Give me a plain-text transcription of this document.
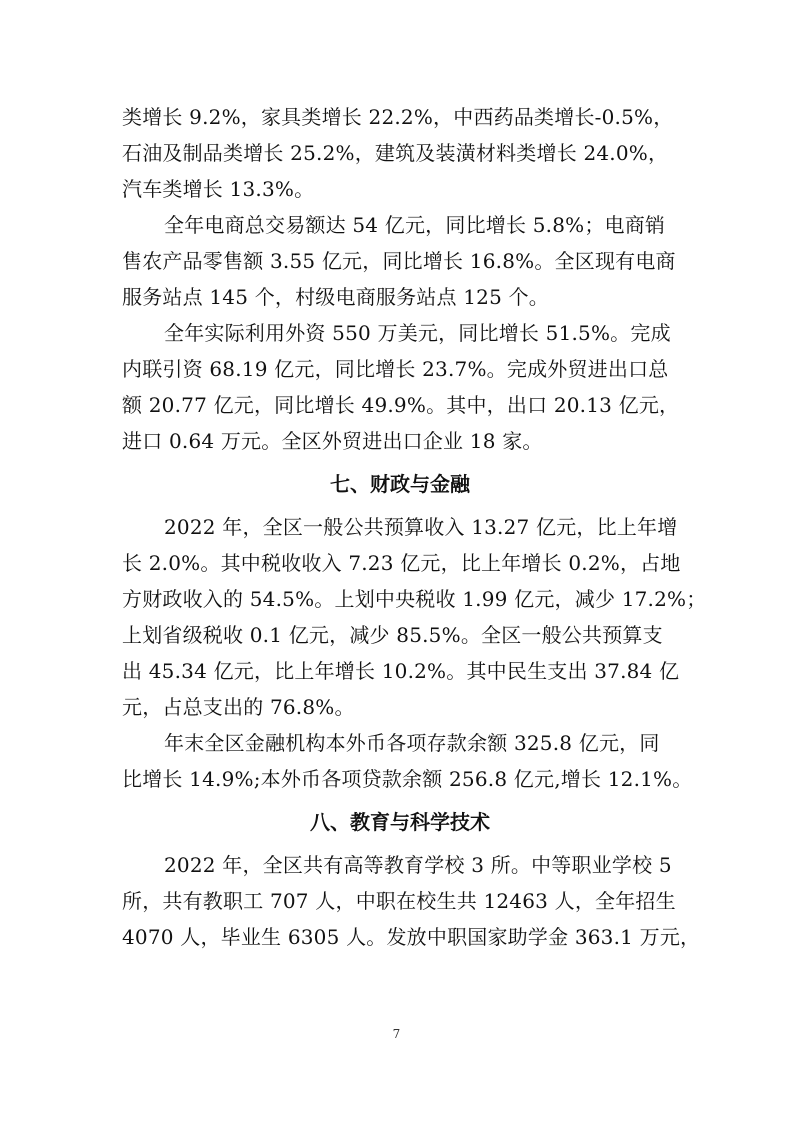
类增长 9.2%，家具类增长 22.2%，中西药品类增长-0.5%，
石油及制品类增长 25.2%，建筑及装潢材料类增长 24.0%，
汽车类增长 13.3%。
全年电商总交易额达 54 亿元，同比增长 5.8%；电商销
售农产品零售额 3.55 亿元，同比增长 16.8%。全区现有电商
服务站点 145 个，村级电商服务站点 125 个。
全年实际利用外资 550 万美元，同比增长 51.5%。完成
内联引资 68.19 亿元，同比增长 23.7%。完成外贸进出口总
额 20.77 亿元，同比增长 49.9%。其中，出口 20.13 亿元，
进口 0.64 万元。全区外贸进出口企业 18 家。
七、财政与金融
2022 年，全区一般公共预算收入 13.27 亿元，比上年增
长 2.0%。其中税收收入 7.23 亿元，比上年增长 0.2%，占地
方财政收入的 54.5%。上划中央税收 1.99 亿元，减少 17.2%；
上划省级税收 0.1 亿元，减少 85.5%。全区一般公共预算支
出 45.34 亿元，比上年增长 10.2%。其中民生支出 37.84 亿
元，占总支出的 76.8%。
年末全区金融机构本外币各项存款余额 325.8 亿元，同
比增长 14.9%;本外币各项贷款余额 256.8 亿元,增长 12.1%。
八、教育与科学技术
2022 年，全区共有高等教育学校 3 所。中等职业学校 5
所，共有教职工 707 人，中职在校生共 12463 人，全年招生
4070 人，毕业生 6305 人。发放中职国家助学金 363.1 万元，
7
